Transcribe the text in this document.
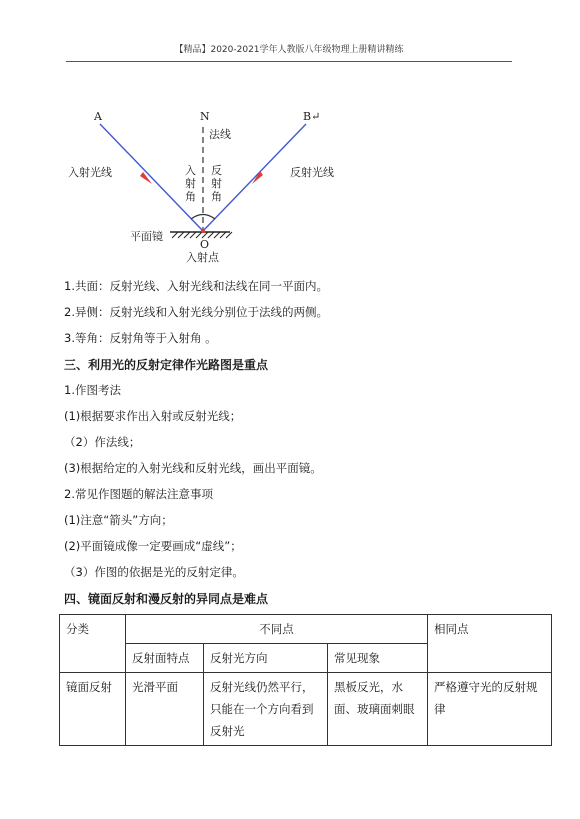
【精品】2020-2021学年人教版八年级物理上册精讲精练
A	N	B↵
法线
入射光线	反射光线
入
射
角
反
射
角
平面镜
O
入射点
1.共面：反射光线、入射光线和法线在同一平面内。
2.异侧：反射光线和入射光线分别位于法线的两侧。
3.等角：反射角等于入射角 。
三、利用光的反射定律作光路图是重点
1.作图考法
(1)根据要求作出入射或反射光线；
（2）作法线；
(3)根据给定的入射光线和反射光线，画出平面镜。
2.常见作图题的解法注意事项
(1)注意“箭头”方向；
(2)平面镜成像一定要画成“虚线”；
（3）作图的依据是光的反射定律。
四、镜面反射和漫反射的异同点是难点
分类	不同点			相同点
	反射面特点	反射光方向	常见现象	
镜面反射	光滑平面	反射光线仍然平行，只能在一个方向看到反射光	黑板反光，水面、玻璃面刺眼	严格遵守光的反射规律
